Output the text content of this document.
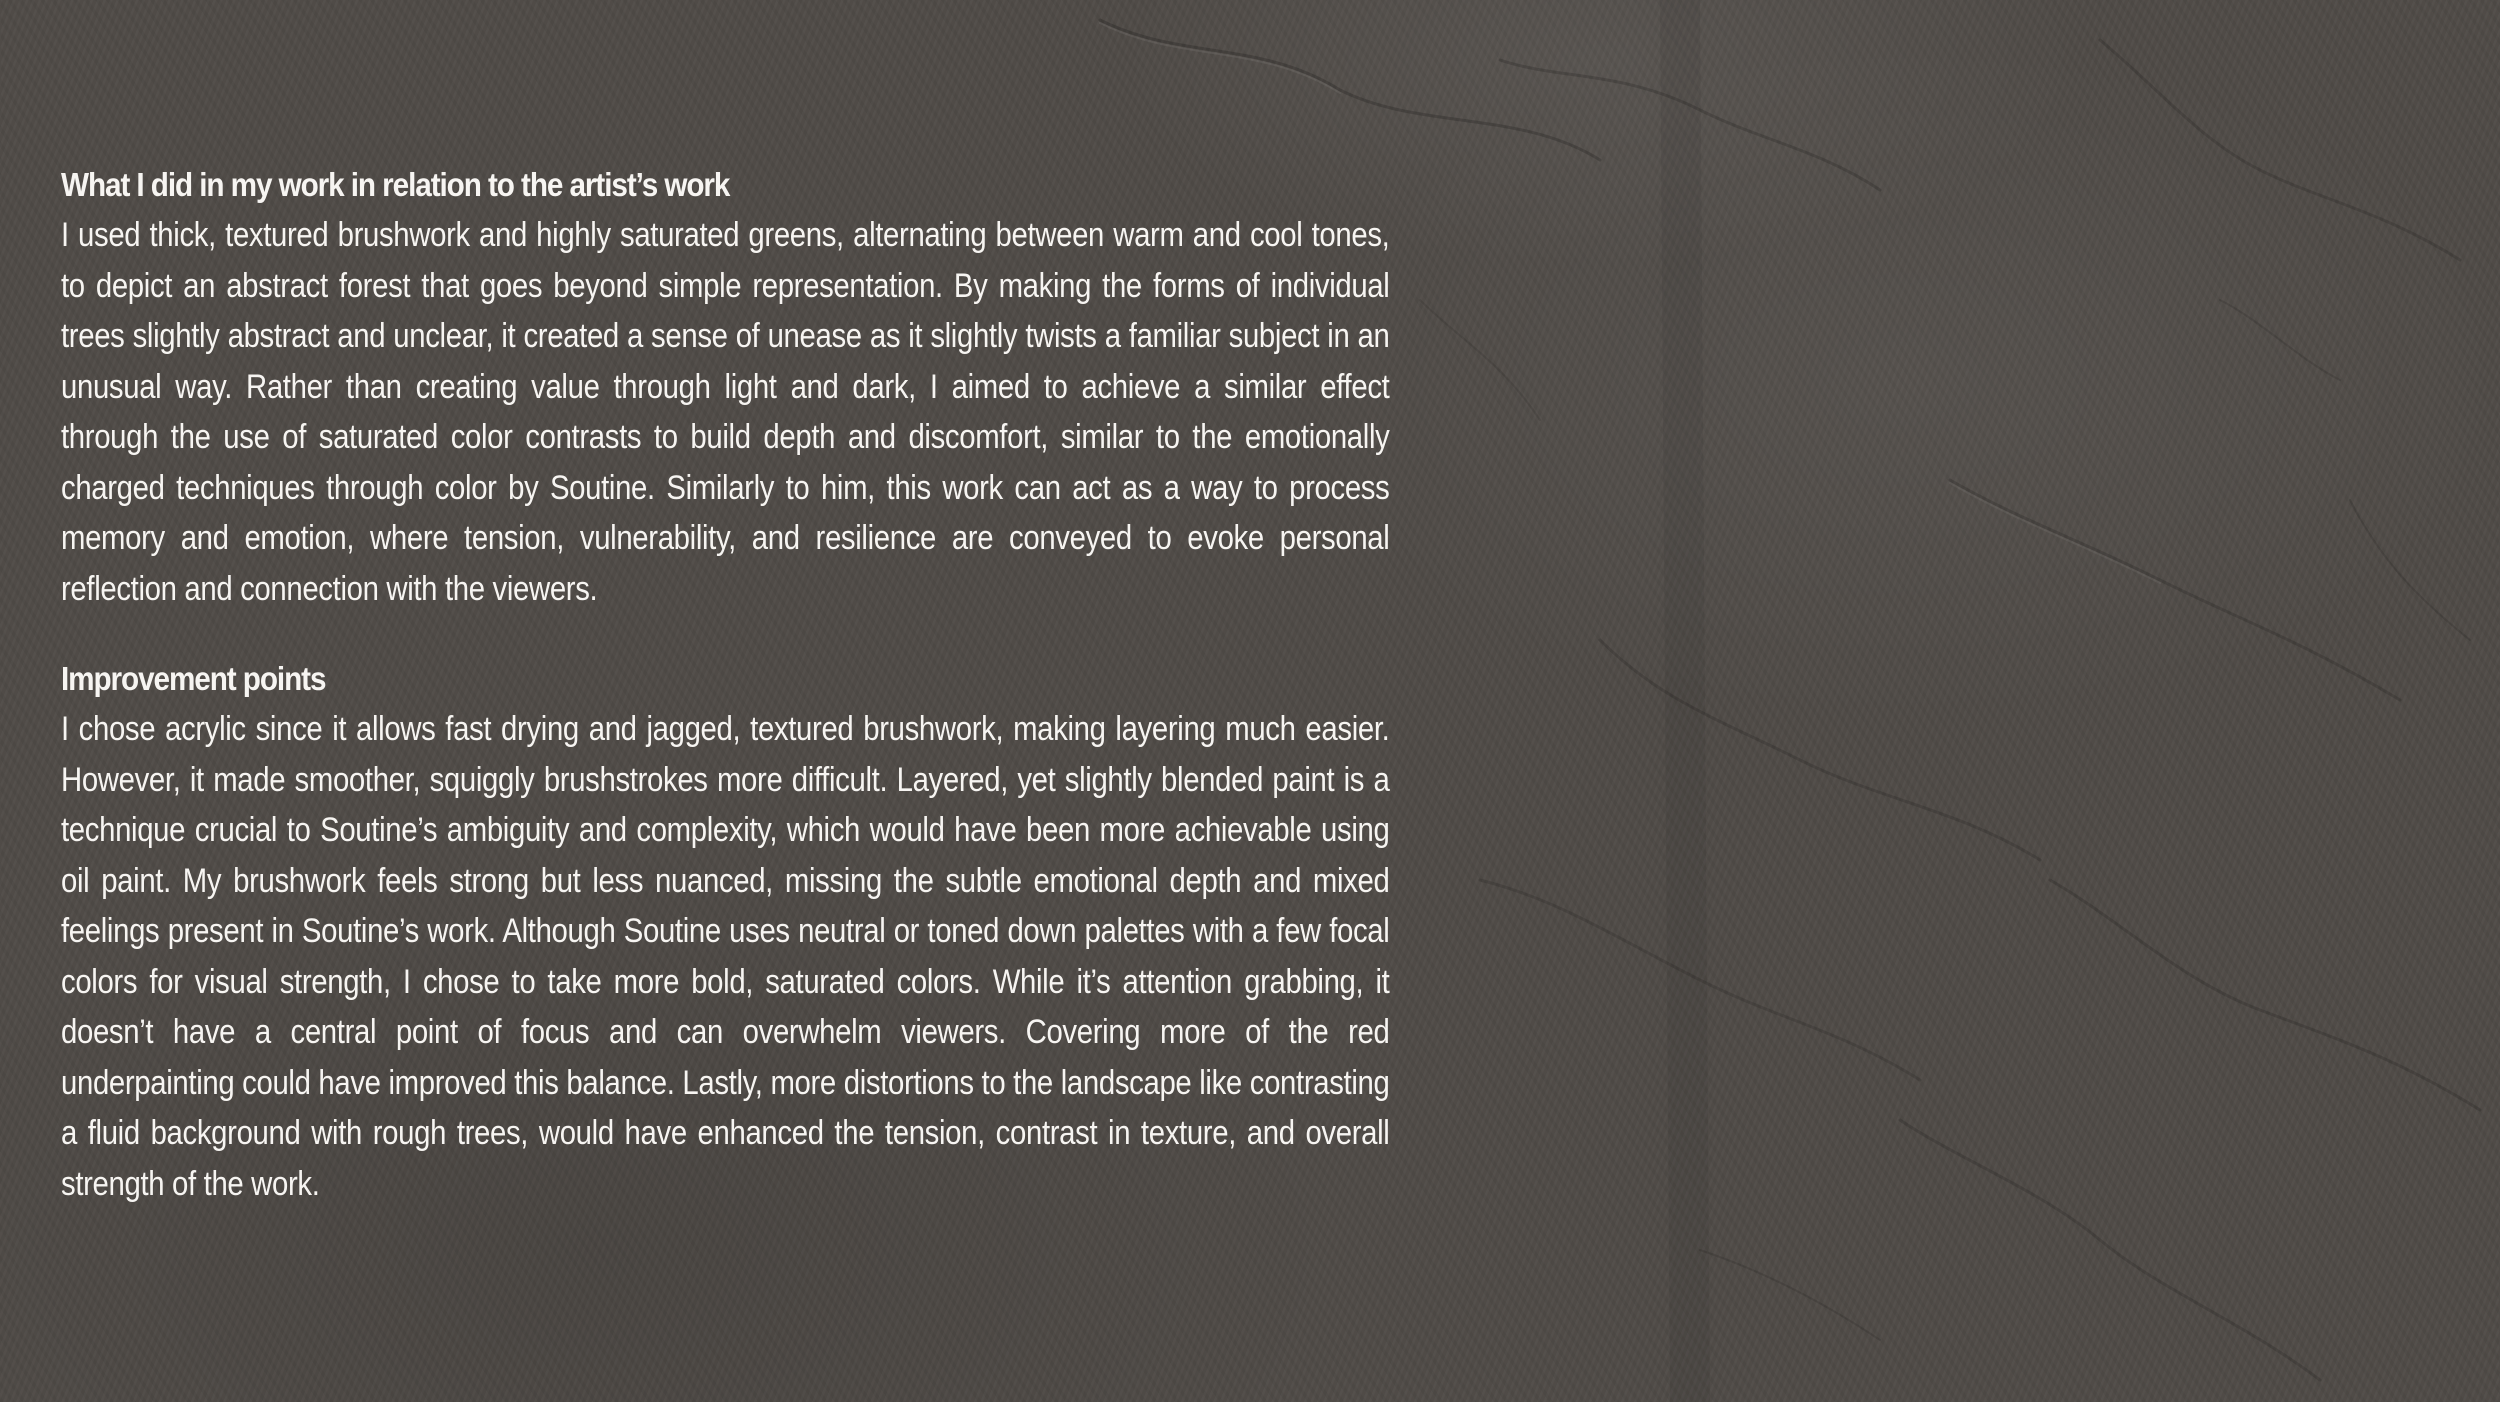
What I did in my work in relation to the artist’s work

I used thick, textured brushwork and highly saturated greens, alternating between warm and cool tones, to depict an abstract forest that goes beyond simple representation. By making the forms of individual trees slightly abstract and unclear, it created a sense of unease as it slightly twists a familiar subject in an unusual way. Rather than creating value through light and dark, I aimed to achieve a similar effect through the use of saturated color contrasts to build depth and discomfort, similar to the emotionally charged techniques through color by Soutine. Similarly to him, this work can act as a way to process memory and emotion, where tension, vulnerability, and resilience are conveyed to evoke personal reflection and connection with the viewers.

Improvement points

I chose acrylic since it allows fast drying and jagged, textured brushwork, making layering much easier. However, it made smoother, squiggly brushstrokes more difficult. Layered, yet slightly blended paint is a technique crucial to Soutine’s ambiguity and complexity, which would have been more achievable using oil paint. My brushwork feels strong but less nuanced, missing the subtle emotional depth and mixed feelings present in Soutine’s work. Although Soutine uses neutral or toned down palettes with a few focal colors for visual strength, I chose to take more bold, saturated colors. While it’s attention grabbing, it doesn’t have a central point of focus and can overwhelm viewers. Covering more of the red underpainting could have improved this balance. Lastly, more distortions to the landscape like contrasting a fluid background with rough trees, would have enhanced the tension, contrast in texture, and overall strength of the work.
